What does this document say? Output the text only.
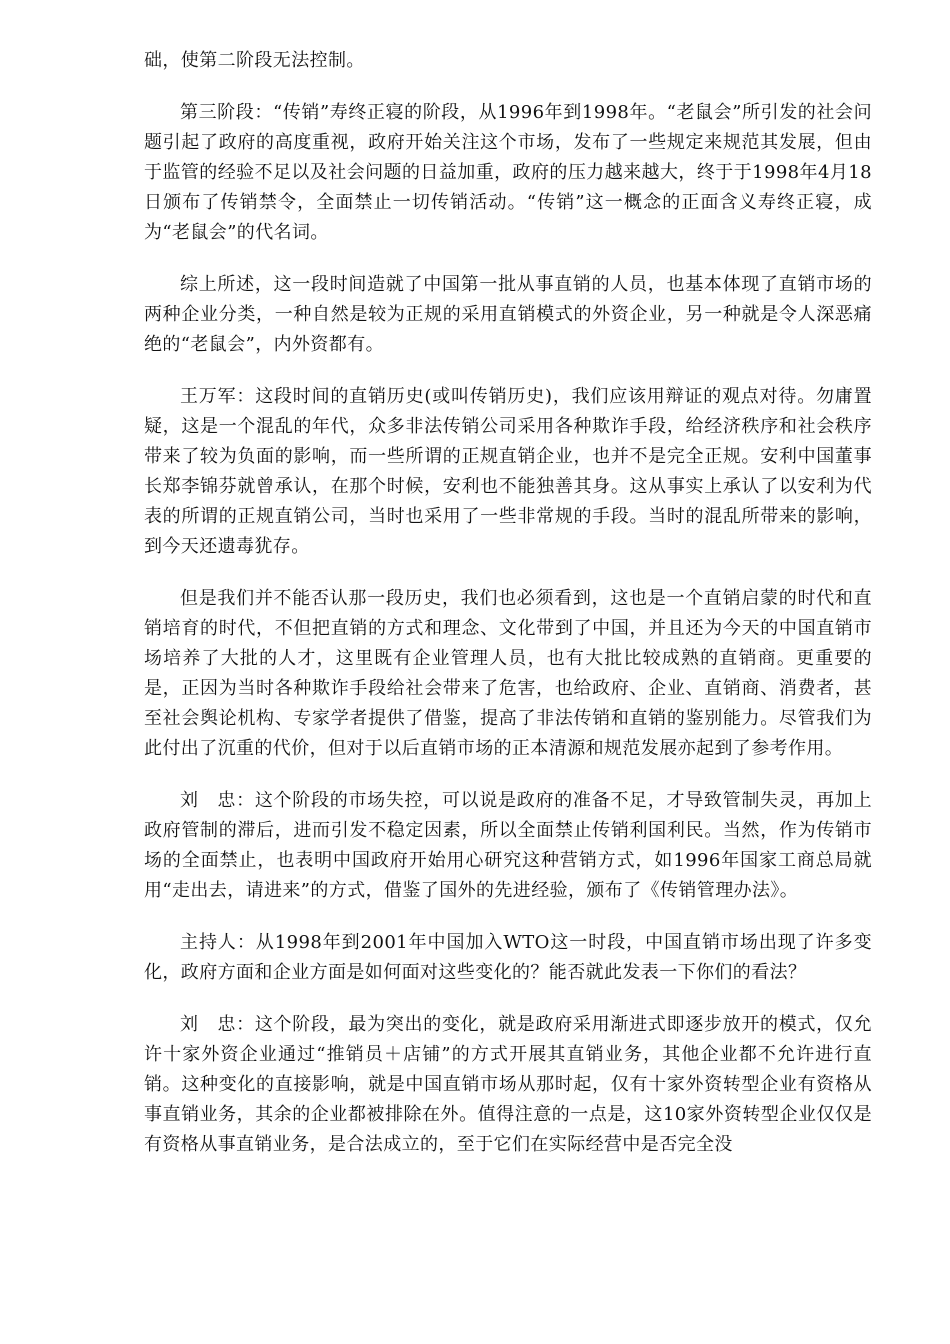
础，使第二阶段无法控制。

第三阶段：“传销”寿终正寝的阶段，从1996年到1998年。“老鼠会”所引发的社会问题引起了政府的高度重视，政府开始关注这个市场，发布了一些规定来规范其发展，但由于监管的经验不足以及社会问题的日益加重，政府的压力越来越大，终于于1998年4月18日颁布了传销禁令，全面禁止一切传销活动。“传销”这一概念的正面含义寿终正寝，成为“老鼠会”的代名词。

综上所述，这一段时间造就了中国第一批从事直销的人员，也基本体现了直销市场的两种企业分类，一种自然是较为正规的采用直销模式的外资企业，另一种就是令人深恶痛绝的“老鼠会”，内外资都有。

王万军：这段时间的直销历史(或叫传销历史)，我们应该用辩证的观点对待。勿庸置疑，这是一个混乱的年代，众多非法传销公司采用各种欺诈手段，给经济秩序和社会秩序带来了较为负面的影响，而一些所谓的正规直销企业，也并不是完全正规。安利中国董事长郑李锦芬就曾承认，在那个时候，安利也不能独善其身。这从事实上承认了以安利为代表的所谓的正规直销公司，当时也采用了一些非常规的手段。当时的混乱所带来的影响，到今天还遗毒犹存。

但是我们并不能否认那一段历史，我们也必须看到，这也是一个直销启蒙的时代和直销培育的时代，不但把直销的方式和理念、文化带到了中国，并且还为今天的中国直销市场培养了大批的人才，这里既有企业管理人员，也有大批比较成熟的直销商。更重要的是，正因为当时各种欺诈手段给社会带来了危害，也给政府、企业、直销商、消费者，甚至社会舆论机构、专家学者提供了借鉴，提高了非法传销和直销的鉴别能力。尽管我们为此付出了沉重的代价，但对于以后直销市场的正本清源和规范发展亦起到了参考作用。

刘　忠：这个阶段的市场失控，可以说是政府的准备不足，才导致管制失灵，再加上政府管制的滞后，进而引发不稳定因素，所以全面禁止传销利国利民。当然，作为传销市场的全面禁止，也表明中国政府开始用心研究这种营销方式，如1996年国家工商总局就用“走出去，请进来”的方式，借鉴了国外的先进经验，颁布了《传销管理办法》。

主持人：从1998年到2001年中国加入WTO这一时段，中国直销市场出现了许多变化，政府方面和企业方面是如何面对这些变化的？能否就此发表一下你们的看法？

刘　忠：这个阶段，最为突出的变化，就是政府采用渐进式即逐步放开的模式，仅允许十家外资企业通过“推销员＋店铺”的方式开展其直销业务，其他企业都不允许进行直销。这种变化的直接影响，就是中国直销市场从那时起，仅有十家外资转型企业有资格从事直销业务，其余的企业都被排除在外。值得注意的一点是，这10家外资转型企业仅仅是有资格从事直销业务，是合法成立的，至于它们在实际经营中是否完全没
